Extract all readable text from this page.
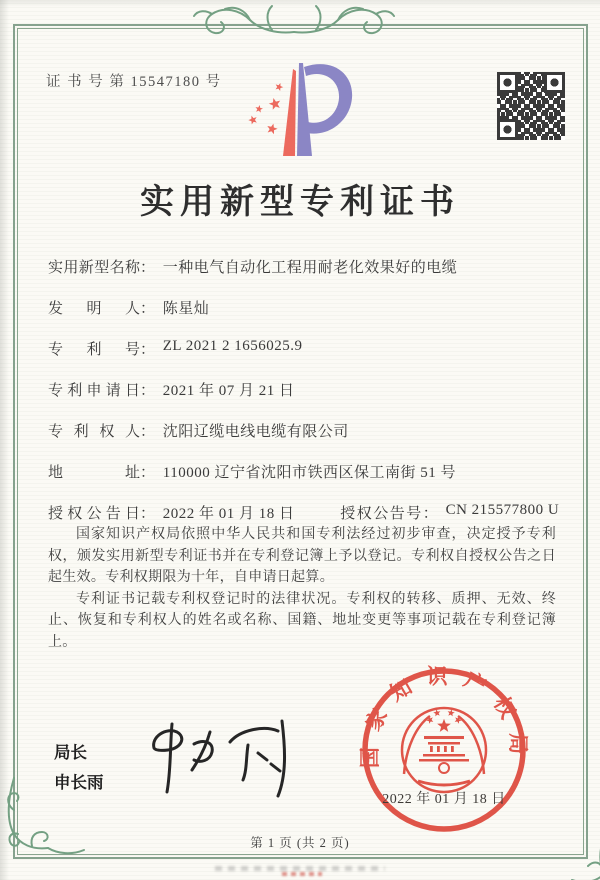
证 书 号 第 15547180 号
实用新型专利证书
实用新型名称： 一种电气自动化工程用耐老化效果好的电缆
发明人： 陈星灿
专利号： ZL 2021 2 1656025.9
专利申请日： 2021 年 07 月 21 日
专利权人： 沈阳辽缆电线电缆有限公司
地址： 110000 辽宁省沈阳市铁西区保工南街 51 号
授权公告日： 2022 年 01 月 18 日	授权公告号： CN 215577800 U

国家知识产权局依照中华人民共和国专利法经过初步审查，决定授予专利权，颁发实用新型专利证书并在专利登记簿上予以登记。专利权自授权公告之日起生效。专利权期限为十年，自申请日起算。

专利证书记载专利权登记时的法律状况。专利权的转移、质押、无效、终止、恢复和专利权人的姓名或名称、国籍、地址变更等事项记载在专利登记簿上。

局长
申长雨
国家知识产权局
2022 年 01 月 18 日
第 1 页 (共 2 页)
